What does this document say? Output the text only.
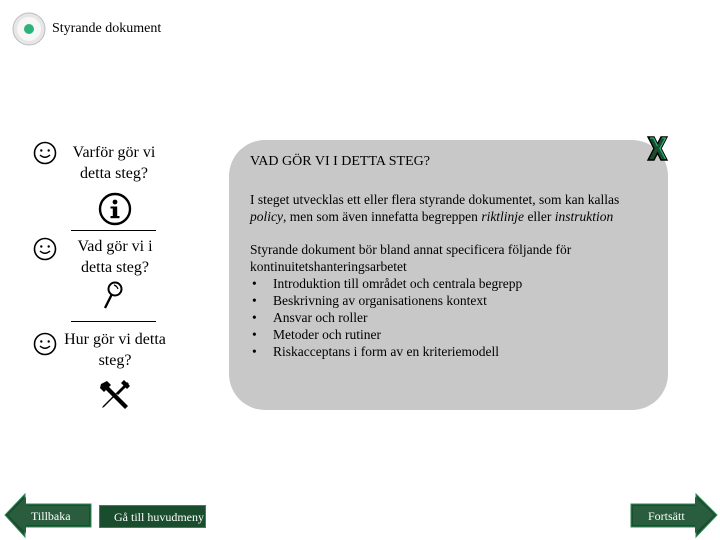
Styrande dokument
Varför gör vi detta steg?
Vad gör vi i detta steg?
Hur gör vi detta steg?
VAD GÖR VI I DETTA STEG?
I steget utvecklas ett eller flera styrande dokumentet, som kan kallas policy, men som även innefatta begreppen riktlinje eller instruktion
Styrande dokument bör bland annat specificera följande för kontinuitetshanteringsarbetet
• Introduktion till området och centrala begrepp
• Beskrivning av organisationens kontext
• Ansvar och roller
• Metoder och rutiner
• Riskacceptans i form av en kriteriemodell
Tillbaka	Gå till huvudmeny	Fortsätt
